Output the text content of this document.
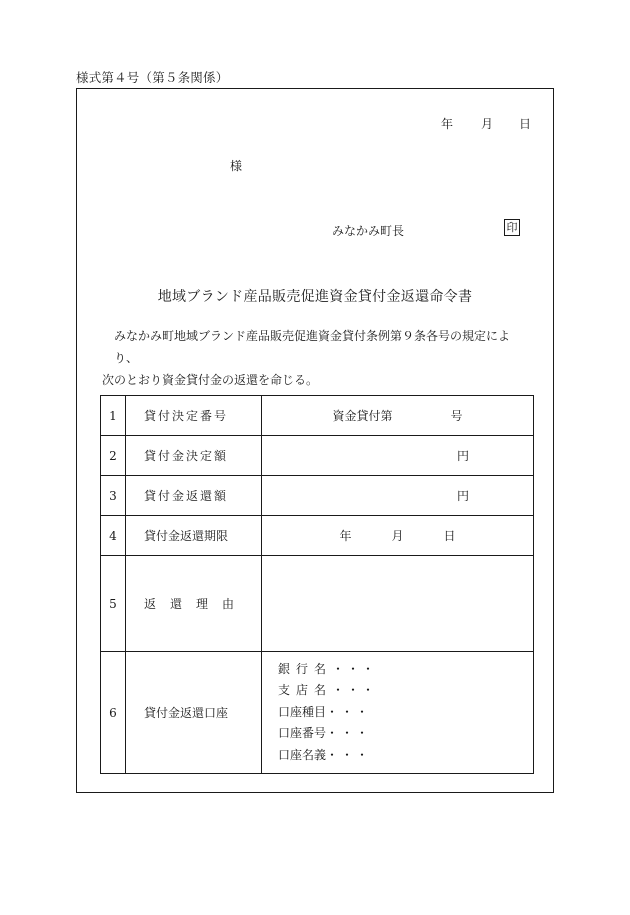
様式第４号（第５条関係）
年 月 日
様
みなかみ町長	印
地域ブランド産品販売促進資金貸付金返還命令書
みなかみ町地域ブランド産品販売促進資金貸付条例第９条各号の規定により、
次のとおり資金貸付金の返還を命じる。
1	貸付決定番号	資金貸付第 号
2	貸付金決定額	円
3	貸付金返還額	円
4	貸付金返還期限	年 月 日
5	返還理由	
6	貸付金返還口座	銀行名・・・
支店名・・・
口座種目・・・
口座番号・・・
口座名義・・・
